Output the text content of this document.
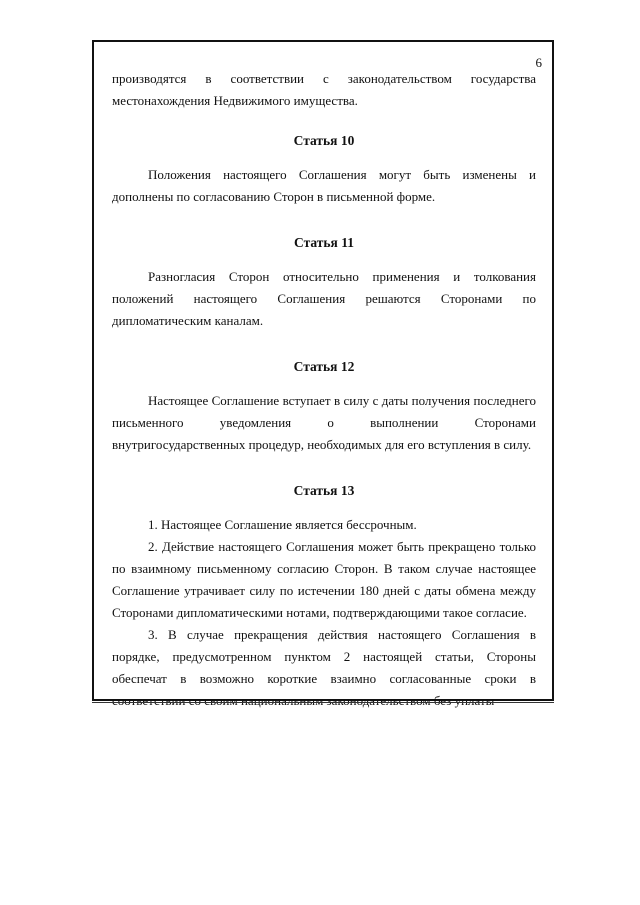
6

производятся в соответствии с законодательством государства местонахождения Недвижимого имущества.

Статья 10

Положения настоящего Соглашения могут быть изменены и дополнены по согласованию Сторон в письменной форме.

Статья 11

Разногласия Сторон относительно применения и толкования положений настоящего Соглашения решаются Сторонами по дипломатическим каналам.

Статья 12

Настоящее Соглашение вступает в силу с даты получения последнего письменного уведомления о выполнении Сторонами внутригосударственных процедур, необходимых для его вступления в силу.

Статья 13

1. Настоящее Соглашение является бессрочным.

2. Действие настоящего Соглашения может быть прекращено только по взаимному письменному согласию Сторон. В таком случае настоящее Соглашение утрачивает силу по истечении 180 дней с даты обмена между Сторонами дипломатическими нотами, подтверждающими такое согласие.

3. В случае прекращения действия настоящего Соглашения в порядке, предусмотренном пунктом 2 настоящей статьи, Стороны обеспечат в возможно короткие взаимно согласованные сроки в соответствии со своим национальным законодательством без уплаты
